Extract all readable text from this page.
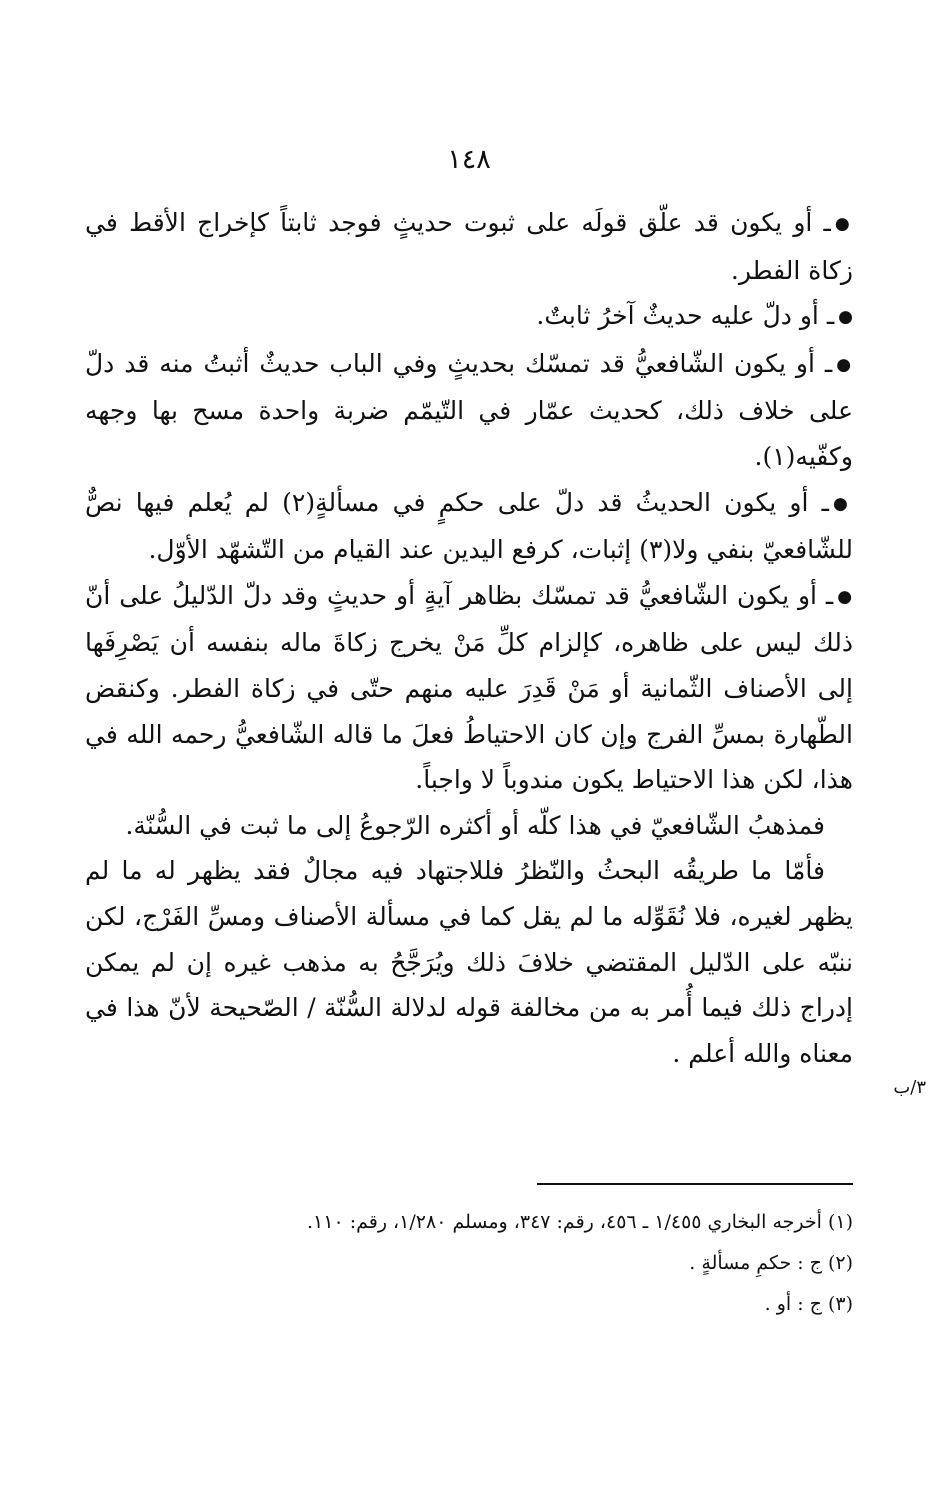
١٤٨
٣/ب

●ـ أو يكون قد علّق قولَه على ثبوت حديثٍ فوجد ثابتاً كإخراج الأقط في زكاة الفطر.

●ـ أو دلّ عليه حديثٌ آخرُ ثابتٌ.

●ـ أو يكون الشّافعيُّ قد تمسّك بحديثٍ وفي الباب حديثٌ أثبتُ منه قد دلّ على خلاف ذلك، كحديث عمّار في التّيمّم ضربة واحدة مسح بها وجهه وكفّيه(١).

●ـ أو يكون الحديثُ قد دلّ على حكمٍ في مسألةٍ(٢) لم يُعلم فيها نصٌّ للشّافعيّ بنفي ولا(٣) إثبات، كرفع اليدين عند القيام من التّشهّد الأوّل.

●ـ أو يكون الشّافعيُّ قد تمسّك بظاهر آيةٍ أو حديثٍ وقد دلّ الدّليلُ على أنّ ذلك ليس على ظاهره، كإلزام كلِّ مَنْ يخرج زكاةَ ماله بنفسه أن يَصْرِفَها إلى الأصناف الثّمانية أو مَنْ قَدِرَ عليه منهم حتّى في زكاة الفطر. وكنقض الطّهارة بمسِّ الفرج وإن كان الاحتياطُ فعلَ ما قاله الشّافعيُّ رحمه الله في هذا، لكن هذا الاحتياط يكون مندوباً لا واجباً.

فمذهبُ الشّافعيّ في هذا كلّه أو أكثره الرّجوعُ إلى ما ثبت في السُّنّة.

فأمّا ما طريقُه البحثُ والنّظرُ فللاجتهاد فيه مجالٌ فقد يظهر له ما لم يظهر لغيره، فلا نُقَوِّله ما لم يقل كما في مسألة الأصناف ومسِّ الفَرْج، لكن ننبّه على الدّليل المقتضي خلافَ ذلك ويُرَجَّحُ به مذهب غيره إن لم يمكن إدراج ذلك فيما أُمر به من مخالفة قوله لدلالة السُّنّة / الصّحيحة لأنّ هذا في معناه والله أعلم .

(١)أخرجه البخاري ١/٤٥٥ ـ ٤٥٦، رقم: ٣٤٧، ومسلم ١/٢٨٠، رقم: ١١٠.
(٢)ج : حكمِ مسألةٍ .
(٣)ج : أو .
